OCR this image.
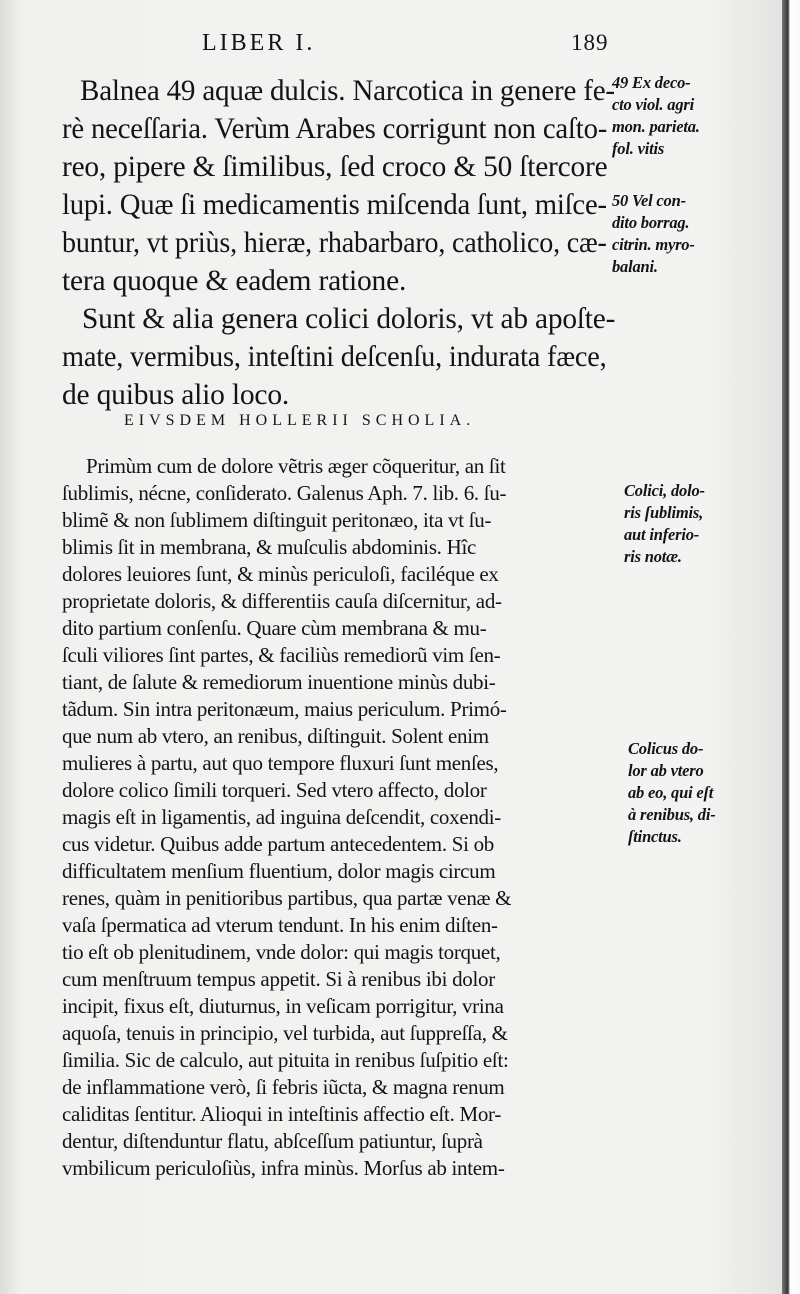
LIBER I.	189

Balnea 49 aquæ dulcis. Narcotica in genere fe-

rè neceſſaria. Verùm Arabes corrigunt non caſto-

reo, pipere & ſimilibus, ſed croco & 50 ſtercore

lupi. Quæ ſi medicamentis miſcenda ſunt, miſce-

buntur, vt priùs, hieræ, rhabarbaro, catholico, cæ-

tera quoque & eadem ratione.

Sunt & alia genera colici doloris, vt ab apoſte-

mate, vermibus, inteſtini deſcenſu, indurata fæce,

de quibus alio loco.

49 Ex deco-
cto viol. agri
mon. parieta.
fol. vitis
50 Vel con-
dito borrag.
citrin. myro-
balani.
EIVSDEM HOLLERII SCHOLIA.

Primùm cum de dolore vẽtris æger cõqueritur, an ſit

ſublimis, nécne, conſiderato. Galenus Aph. 7. lib. 6. ſu-

blimẽ & non ſublimem diſtinguit peritonæo, ita vt ſu-

blimis ſit in membrana, & muſculis abdominis. Hîc

dolores leuiores ſunt, & minùs periculoſi, faciléque ex

proprietate doloris, & differentiis cauſa diſcernitur, ad-

dito partium conſenſu. Quare cùm membrana & mu-

ſculi viliores ſint partes, & faciliùs remediorũ vim ſen-

tiant, de ſalute & remediorum inuentione minùs dubi-

tãdum. Sin intra peritonæum, maius periculum. Primó-

que num ab vtero, an renibus, diſtinguit. Solent enim

mulieres à partu, aut quo tempore fluxuri ſunt menſes,

dolore colico ſimili torqueri. Sed vtero affecto, dolor

magis eſt in ligamentis, ad inguina deſcendit, coxendi-

cus videtur. Quibus adde partum antecedentem. Si ob

difficultatem menſium fluentium, dolor magis circum

renes, quàm in penitioribus partibus, qua partæ venæ &

vaſa ſpermatica ad vterum tendunt. In his enim diſten-

tio eſt ob plenitudinem, vnde dolor: qui magis torquet,

cum menſtruum tempus appetit. Si à renibus ibi dolor

incipit, fixus eſt, diuturnus, in veſicam porrigitur, vrina

aquoſa, tenuis in principio, vel turbida, aut ſuppreſſa, &

ſimilia. Sic de calculo, aut pituita in renibus ſuſpitio eſt:

de inflammatione verò, ſi febris iũcta, & magna renum

caliditas ſentitur. Alioqui in inteſtinis affectio eſt. Mor-

dentur, diſtenduntur flatu, abſceſſum patiuntur, ſuprà

vmbilicum periculoſiùs, infra minùs. Morſus ab intem-

Colici, dolo-
ris ſublimis,
aut inferio-
ris notæ.
Colicus do-
lor ab vtero
ab eo, qui eſt
à renibus, di-
ſtinctus.
